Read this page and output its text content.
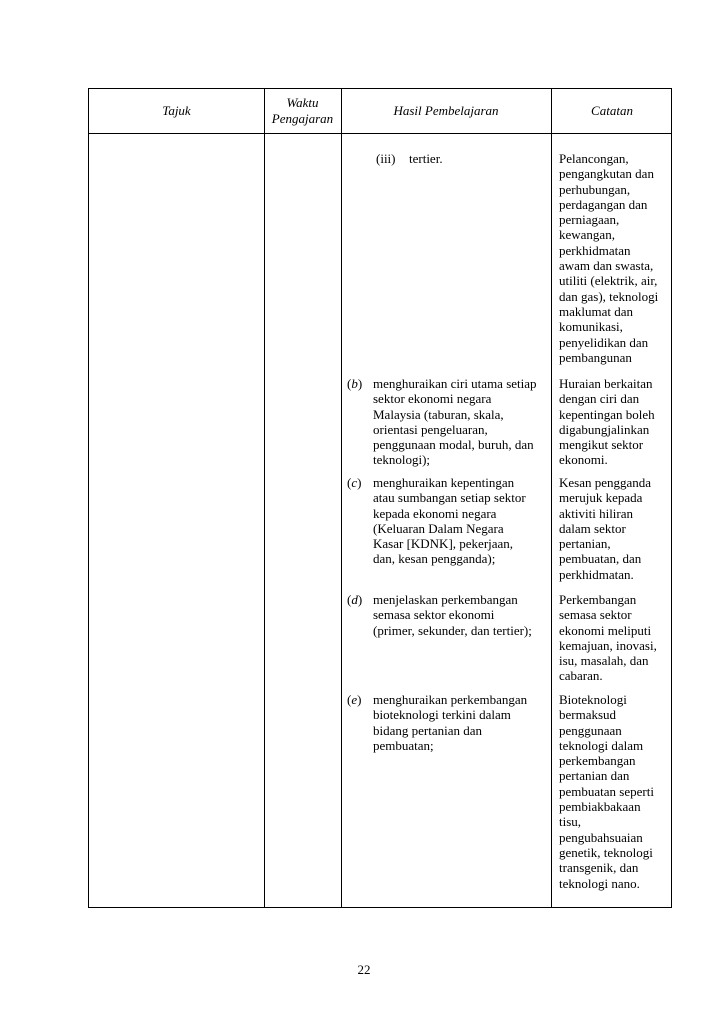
Tajuk
Waktu
Pengajaran
Hasil Pembelajaran	Catatan
(iii) tertier.	Pelancongan,
pengangkutan dan
perhubungan,
perdagangan dan
perniagaan,
kewangan,
perkhidmatan
awam dan swasta,
utiliti (elektrik, air,
dan gas), teknologi
maklumat dan
komunikasi,
penyelidikan dan
pembangunan
(b) menghuraikan ciri utama setiap
sektor ekonomi negara
Malaysia (taburan, skala,
orientasi pengeluaran,
penggunaan modal, buruh, dan
teknologi);
Huraian berkaitan
dengan ciri dan
kepentingan boleh
digabungjalinkan
mengikut sektor
ekonomi.
(c) menghuraikan kepentingan
atau sumbangan setiap sektor
kepada ekonomi negara
(Keluaran Dalam Negara
Kasar [KDNK], pekerjaan,
dan, kesan pengganda);
Kesan pengganda
merujuk kepada
aktiviti hiliran
dalam sektor
pertanian,
pembuatan, dan
perkhidmatan.
(d) menjelaskan perkembangan
semasa sektor ekonomi
(primer, sekunder, dan tertier);
Perkembangan
semasa sektor
ekonomi meliputi
kemajuan, inovasi,
isu, masalah, dan
cabaran.
(e) menghuraikan perkembangan
bioteknologi terkini dalam
bidang pertanian dan
pembuatan;
Bioteknologi
bermaksud
penggunaan
teknologi dalam
perkembangan
pertanian dan
pembuatan seperti
pembiakbakaan
tisu,
pengubahsuaian
genetik, teknologi
transgenik, dan
teknologi nano.
22
